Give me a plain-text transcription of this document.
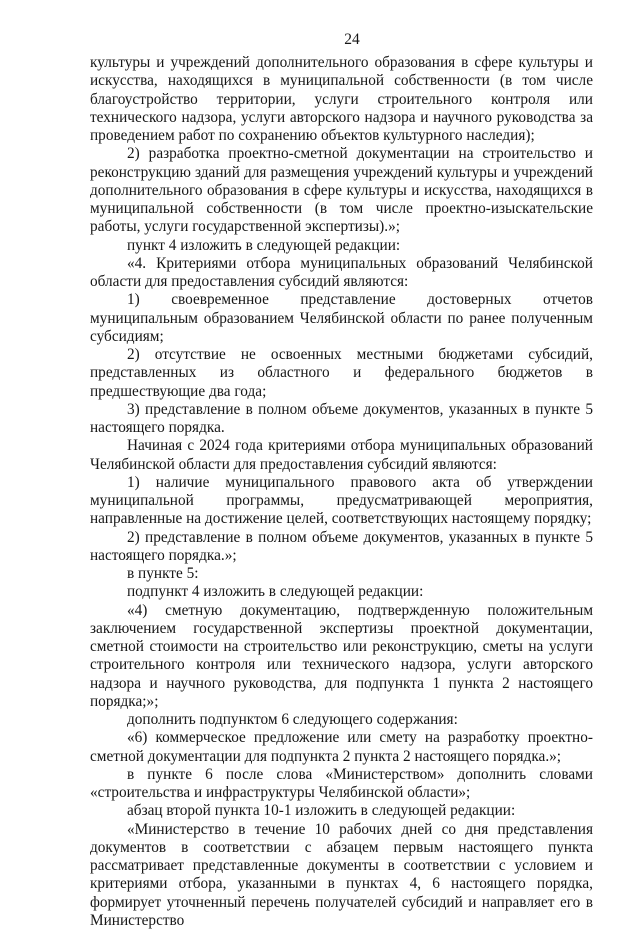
24

культуры и учреждений дополнительного образования в сфере культуры и искусства, находящихся в муниципальной собственности (в том числе благоустройство территории, услуги строительного контроля или технического надзора, услуги авторского надзора и научного руководства за проведением работ по сохранению объектов культурного наследия);

2) разработка проектно-сметной документации на строительство и реконструкцию зданий для размещения учреждений культуры и учреждений дополнительного образования в сфере культуры и искусства, находящихся в муниципальной собственности (в том числе проектно-изыскательские работы, услуги государственной экспертизы).»;

пункт 4 изложить в следующей редакции:

«4. Критериями отбора муниципальных образований Челябинской области для предоставления субсидий являются:

1) своевременное представление достоверных отчетов муниципальным образованием Челябинской области по ранее полученным субсидиям;

2) отсутствие не освоенных местными бюджетами субсидий, представленных из областного и федерального бюджетов в предшествующие два года;

3) представление в полном объеме документов, указанных в пункте 5 настоящего порядка.

Начиная с 2024 года критериями отбора муниципальных образований Челябинской области для предоставления субсидий являются:

1) наличие муниципального правового акта об утверждении муниципальной программы, предусматривающей мероприятия, направленные на достижение целей, соответствующих настоящему порядку;

2) представление в полном объеме документов, указанных в пункте 5 настоящего порядка.»;

в пункте 5:

подпункт 4 изложить в следующей редакции:

«4) сметную документацию, подтвержденную положительным заключением государственной экспертизы проектной документации, сметной стоимости на строительство или реконструкцию, сметы на услуги строительного контроля или технического надзора, услуги авторского надзора и научного руководства, для подпункта 1 пункта 2 настоящего порядка;»;

дополнить подпунктом 6 следующего содержания:

«6) коммерческое предложение или смету на разработку проектно-сметной документации для подпункта 2 пункта 2 настоящего порядка.»;

в пункте 6 после слова «Министерством» дополнить словами «строительства и инфраструктуры Челябинской области»;

абзац второй пункта 10-1 изложить в следующей редакции:

«Министерство в течение 10 рабочих дней со дня представления документов в соответствии с абзацем первым настоящего пункта рассматривает представленные документы в соответствии с условием и критериями отбора, указанными в пунктах 4, 6 настоящего порядка, формирует уточненный перечень получателей субсидий и направляет его в Министерство
